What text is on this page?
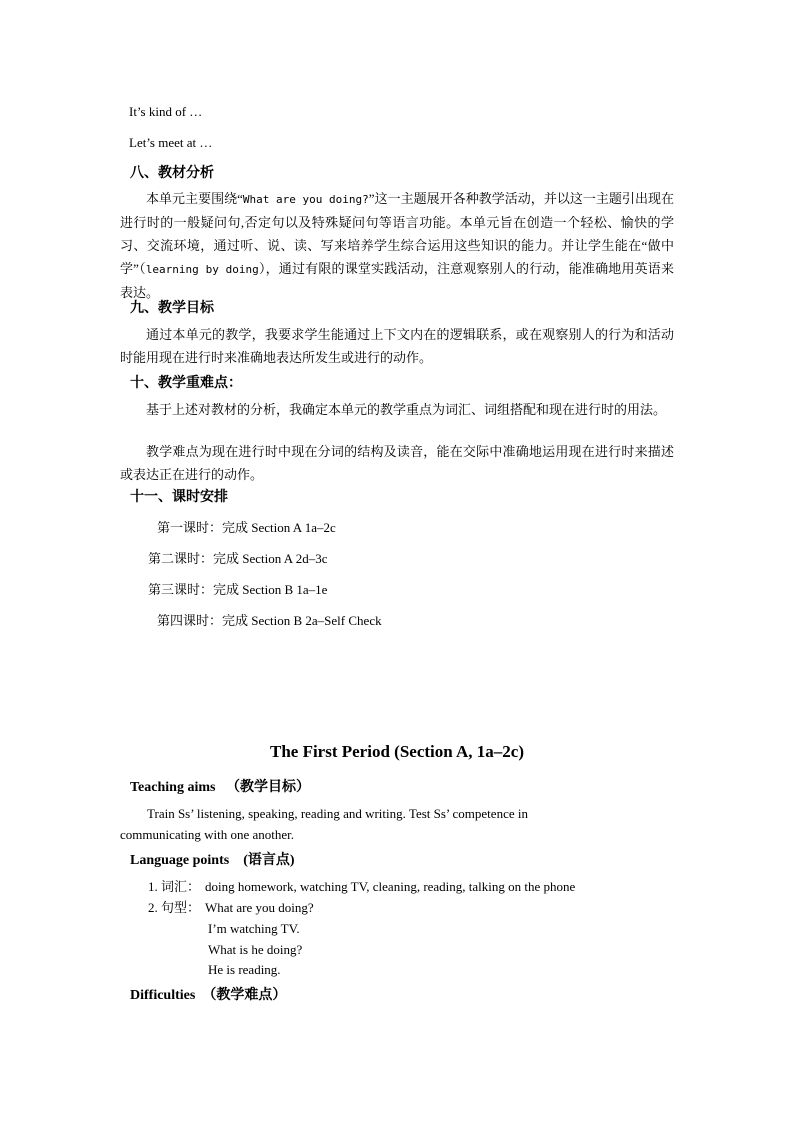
It’s kind of …
Let’s meet at …
八、教材分析
本单元主要围绕“What are you doing?”这一主题展开各种教学活动，并以这一主题引出现在进行时的一般疑问句,否定句以及特殊疑问句等语言功能。本单元旨在创造一个轻松、愉快的学习、交流环境，通过听、说、读、写来培养学生综合运用这些知识的能力。并让学生能在“做中学”（learning by doing），通过有限的课堂实践活动，注意观察别人的行动，能准确地用英语来表达。
九、教学目标
通过本单元的教学，我要求学生能通过上下文内在的逻辑联系，或在观察别人的行为和活动时能用现在进行时来准确地表达所发生或进行的动作。
十、教学重难点：
基于上述对教材的分析，我确定本单元的教学重点为词汇、词组搭配和现在进行时的用法。
教学难点为现在进行时中现在分词的结构及读音，能在交际中准确地运用现在进行时来描述或表达正在进行的动作。
十一、课时安排
第一课时：完成 Section A 1a–2c
第二课时：完成 Section A 2d–3c
第三课时：完成 Section B 1a–1e
第四课时：完成 Section B 2a–Self Check
The First Period (Section A, 1a–2c)
Teaching aims （教学目标）
Train Ss’ listening, speaking, reading and writing. Test Ss’ competence in
communicating with one another.
Language points (语言点)
1. 词汇： doing homework, watching TV, cleaning, reading, talking on the phone
2. 句型： What are you doing?
I’m watching TV.
What is he doing?
He is reading.
Difficulties （教学难点）
